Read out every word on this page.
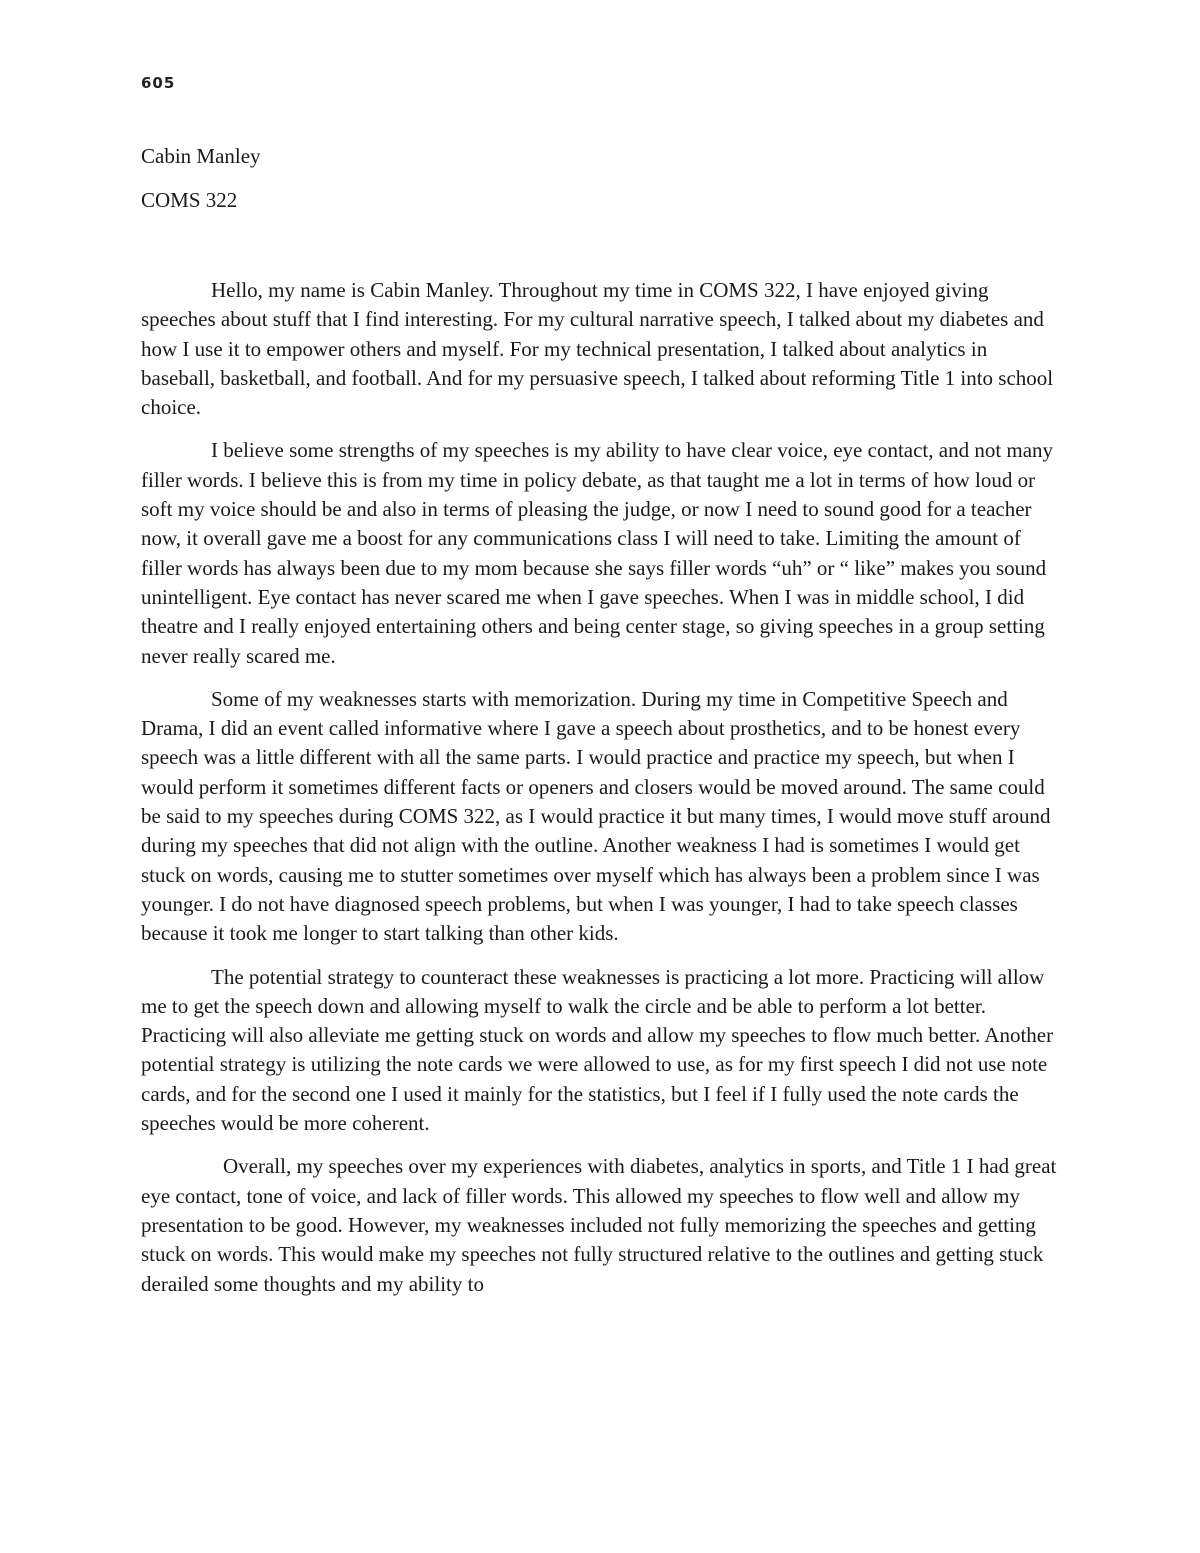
605
Cabin Manley
COMS 322

Hello, my name is Cabin Manley. Throughout my time in COMS 322, I have enjoyed giving speeches about stuff that I find interesting. For my cultural narrative speech, I talked about my diabetes and how I use it to empower others and myself. For my technical presentation, I talked about analytics in baseball, basketball, and football. And for my persuasive speech, I talked about reforming Title 1 into school choice.

I believe some strengths of my speeches is my ability to have clear voice, eye contact, and not many filler words. I believe this is from my time in policy debate, as that taught me a lot in terms of how loud or soft my voice should be and also in terms of pleasing the judge, or now I need to sound good for a teacher now, it overall gave me a boost for any communications class I will need to take. Limiting the amount of filler words has always been due to my mom because she says filler words “uh” or “ like” makes you sound unintelligent. Eye contact has never scared me when I gave speeches. When I was in middle school, I did theatre and I really enjoyed entertaining others and being center stage, so giving speeches in a group setting never really scared me.

Some of my weaknesses starts with memorization. During my time in Competitive Speech and Drama, I did an event called informative where I gave a speech about prosthetics, and to be honest every speech was a little different with all the same parts. I would practice and practice my speech, but when I would perform it sometimes different facts or openers and closers would be moved around. The same could be said to my speeches during COMS 322, as I would practice it but many times, I would move stuff around during my speeches that did not align with the outline. Another weakness I had is sometimes I would get stuck on words, causing me to stutter sometimes over myself which has always been a problem since I was younger. I do not have diagnosed speech problems, but when I was younger, I had to take speech classes because it took me longer to start talking than other kids.

The potential strategy to counteract these weaknesses is practicing a lot more. Practicing will allow me to get the speech down and allowing myself to walk the circle and be able to perform a lot better. Practicing will also alleviate me getting stuck on words and allow my speeches to flow much better. Another potential strategy is utilizing the note cards we were allowed to use, as for my first speech I did not use note cards, and for the second one I used it mainly for the statistics, but I feel if I fully used the note cards the speeches would be more coherent.

Overall, my speeches over my experiences with diabetes, analytics in sports, and Title 1 I had great eye contact, tone of voice, and lack of filler words. This allowed my speeches to flow well and allow my presentation to be good. However, my weaknesses included not fully memorizing the speeches and getting stuck on words. This would make my speeches not fully structured relative to the outlines and getting stuck derailed some thoughts and my ability to
